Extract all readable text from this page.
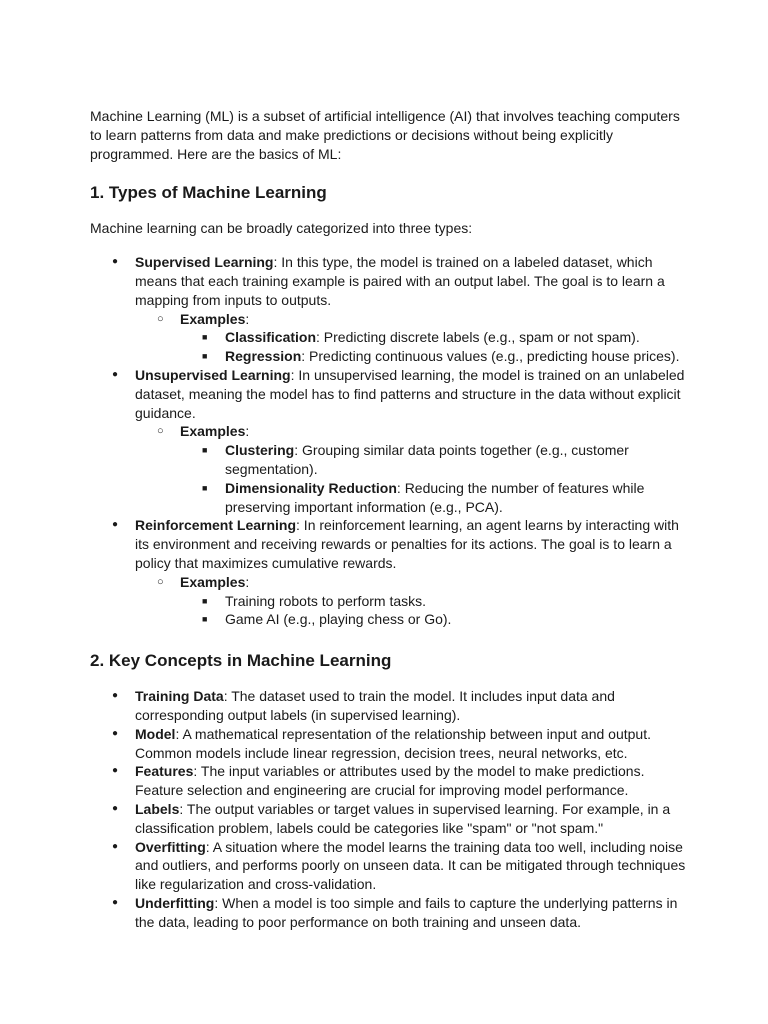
Machine Learning (ML) is a subset of artificial intelligence (AI) that involves teaching computers to learn patterns from data and make predictions or decisions without being explicitly programmed. Here are the basics of ML:

1. Types of Machine Learning

Machine learning can be broadly categorized into three types:

● Supervised Learning: In this type, the model is trained on a labeled dataset, which means that each training example is paired with an output label. The goal is to learn a mapping from inputs to outputs.
○ Examples:
■ Classification: Predicting discrete labels (e.g., spam or not spam).
■ Regression: Predicting continuous values (e.g., predicting house prices).
● Unsupervised Learning: In unsupervised learning, the model is trained on an unlabeled dataset, meaning the model has to find patterns and structure in the data without explicit guidance.
○ Examples:
■ Clustering: Grouping similar data points together (e.g., customer segmentation).
■ Dimensionality Reduction: Reducing the number of features while preserving important information (e.g., PCA).
● Reinforcement Learning: In reinforcement learning, an agent learns by interacting with its environment and receiving rewards or penalties for its actions. The goal is to learn a policy that maximizes cumulative rewards.
○ Examples:
■ Training robots to perform tasks.
■ Game AI (e.g., playing chess or Go).
2. Key Concepts in Machine Learning
● Training Data: The dataset used to train the model. It includes input data and corresponding output labels (in supervised learning).
● Model: A mathematical representation of the relationship between input and output. Common models include linear regression, decision trees, neural networks, etc.
● Features: The input variables or attributes used by the model to make predictions. Feature selection and engineering are crucial for improving model performance.
● Labels: The output variables or target values in supervised learning. For example, in a classification problem, labels could be categories like "spam" or "not spam."
● Overfitting: A situation where the model learns the training data too well, including noise and outliers, and performs poorly on unseen data. It can be mitigated through techniques like regularization and cross-validation.
● Underfitting: When a model is too simple and fails to capture the underlying patterns in the data, leading to poor performance on both training and unseen data.
